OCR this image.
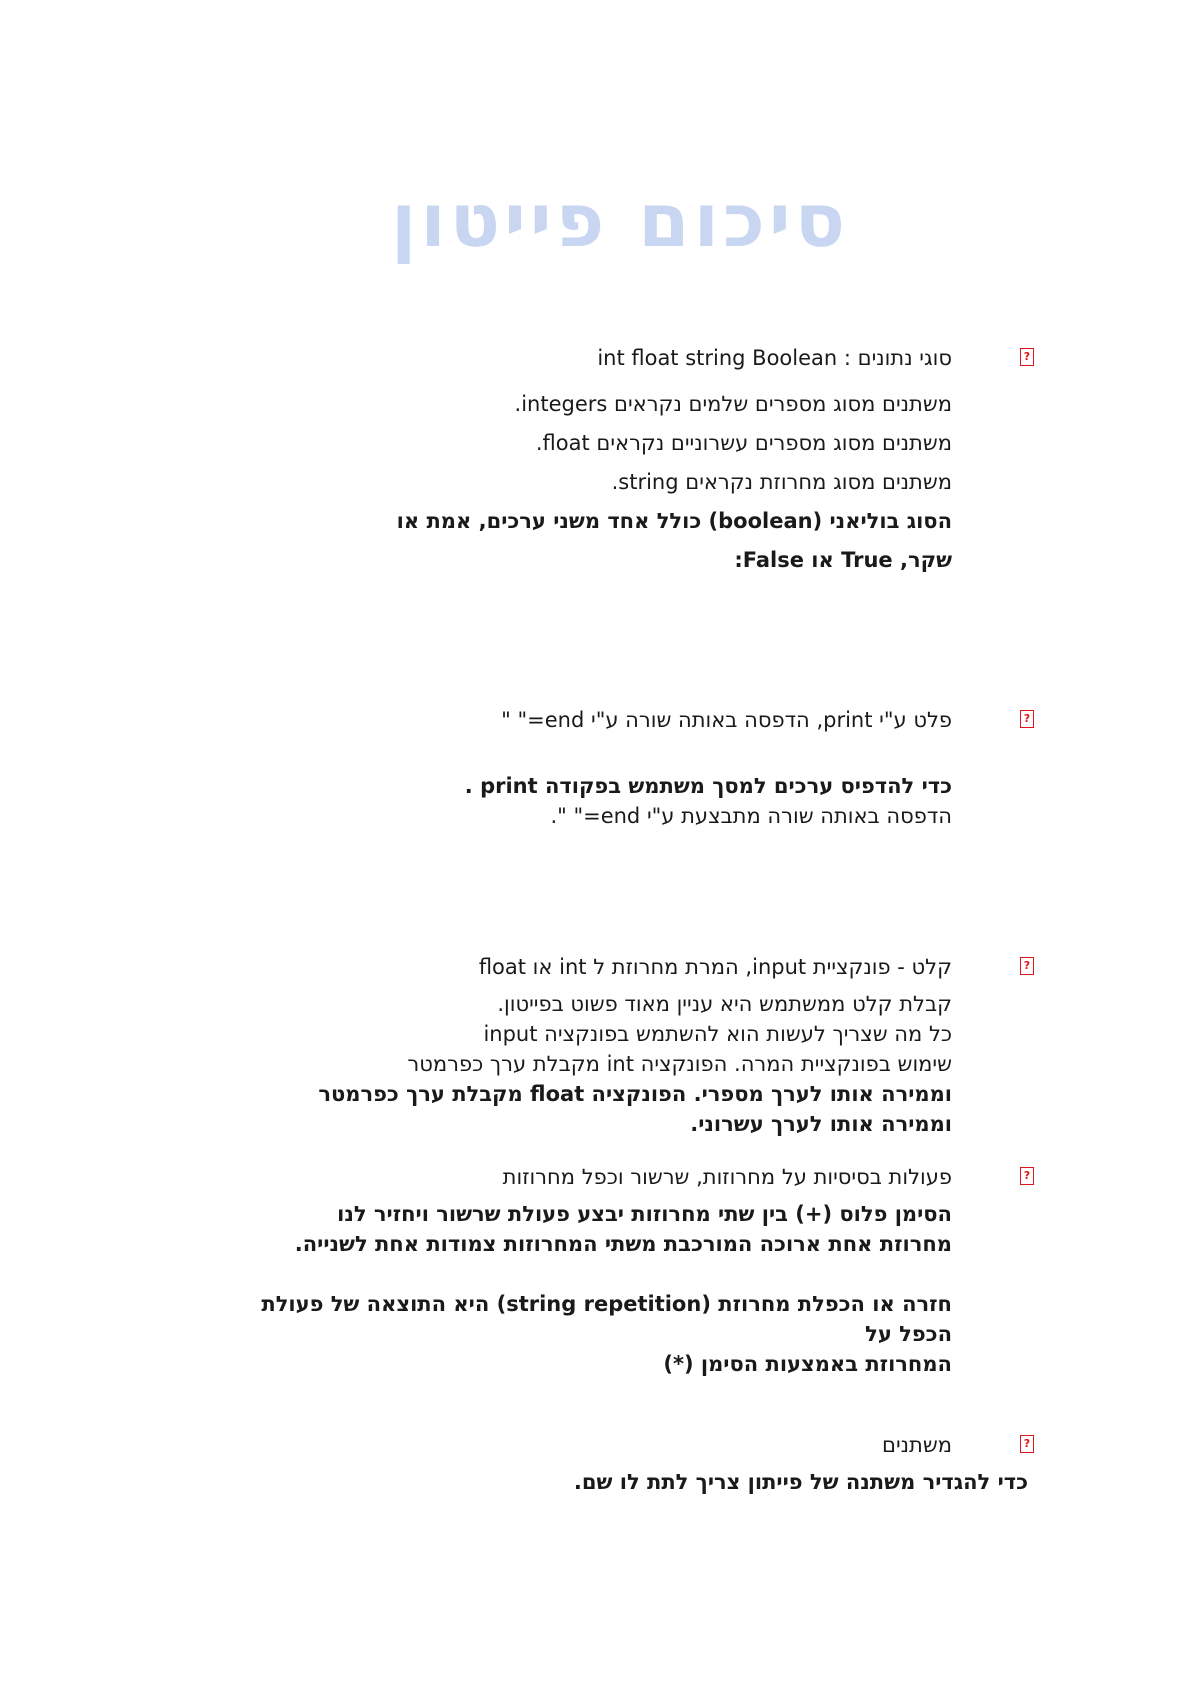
סיכום פייטון
?
סוגי נתונים : int float string Boolean
משתנים מסוג מספרים שלמים נקראים integers.
משתנים מסוג מספרים עשרוניים נקראים float.
משתנים מסוג מחרוזת נקראים string.
הסוג בוליאני (boolean) כולל אחד משני ערכים, אמת או
שקר, True או False:
?
פלט ע"י print, הדפסה באותה שורה ע"י end=" "
כדי להדפיס ערכים למסך משתמש בפקודה print .
הדפסה באותה שורה מתבצעת ע"י end=" ".
?
קלט - פונקציית input, המרת מחרוזת ל int או float
קבלת קלט ממשתמש היא עניין מאוד פשוט בפייטון.
כל מה שצריך לעשות הוא להשתמש בפונקציה input
שימוש בפונקציית המרה. הפונקציה int מקבלת ערך כפרמטר
וממירה אותו לערך מספרי. הפונקציה float מקבלת ערך כפרמטר
וממירה אותו לערך עשרוני.
?
פעולות בסיסיות על מחרוזות, שרשור וכפל מחרוזות
הסימן פלוס (+) בין שתי מחרוזות יבצע פעולת שרשור ויחזיר לנו
מחרוזת אחת ארוכה המורכבת משתי המחרוזות צמודות אחת לשנייה.
חזרה או הכפלת מחרוזת (string repetition) היא התוצאה של פעולת
הכפל על
המחרוזת באמצעות הסימן (*)
?
משתנים
כדי להגדיר משתנה של פייתון צריך לתת לו שם.
